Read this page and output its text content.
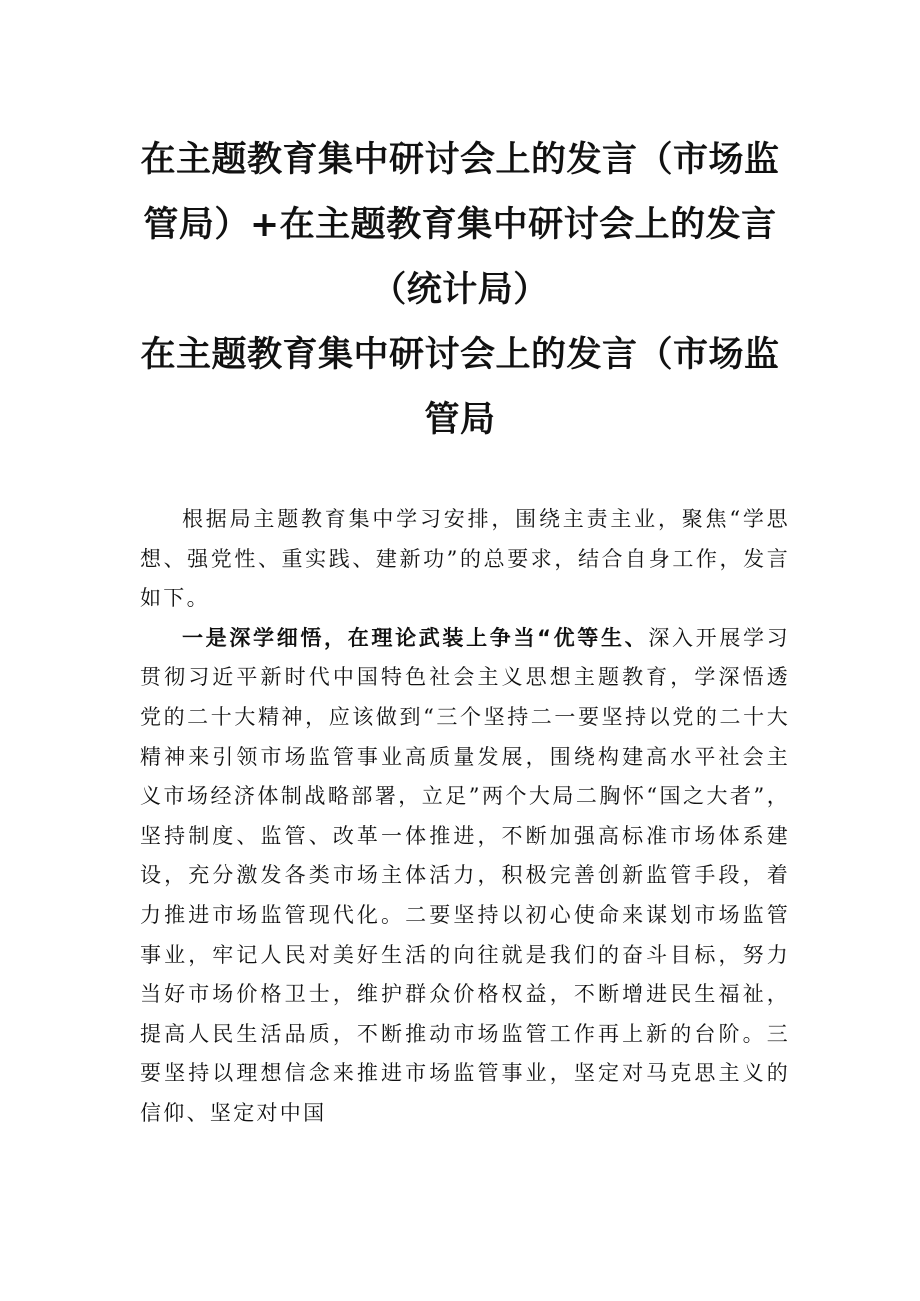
在主题教育集中研讨会上的发言（市场监
管局）+在主题教育集中研讨会上的发言
（统计局）
在主题教育集中研讨会上的发言（市场监
管局

根据局主题教育集中学习安排，围绕主责主业，聚焦“学思想、强党性、重实践、建新功”的总要求，结合自身工作，发言如下。

一是深学细悟，在理论武装上争当“优等生、深入开展学习贯彻习近平新时代中国特色社会主义思想主题教育，学深悟透党的二十大精神，应该做到“三个坚持二一要坚持以党的二十大精神来引领市场监管事业高质量发展，围绕构建高水平社会主义市场经济体制战略部署，立足”两个大局二胸怀“国之大者”，坚持制度、监管、改革一体推进，不断加强高标准市场体系建设，充分激发各类市场主体活力，积极完善创新监管手段，着力推进市场监管现代化。二要坚持以初心使命来谋划市场监管事业，牢记人民对美好生活的向往就是我们的奋斗目标，努力当好市场价格卫士，维护群众价格权益，不断增进民生福祉，提高人民生活品质，不断推动市场监管工作再上新的台阶。三要坚持以理想信念来推进市场监管事业，坚定对马克思主义的信仰、坚定对中国
